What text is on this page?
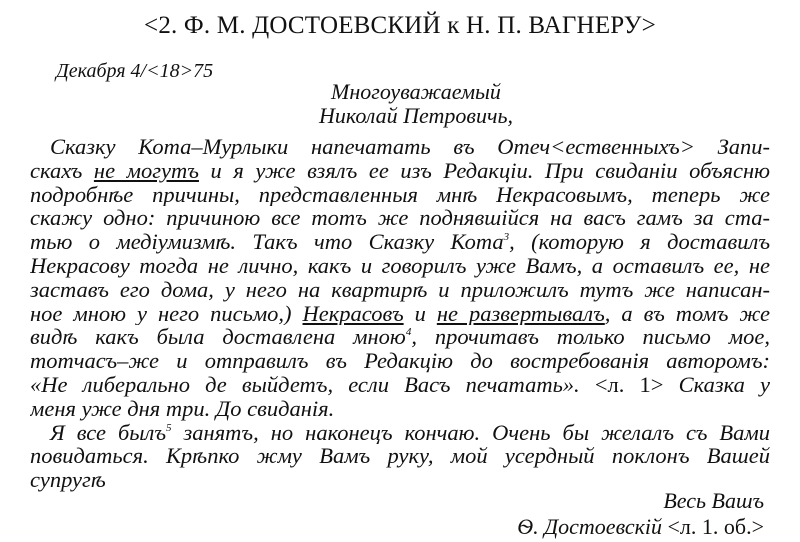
<2. Ф. М. ДОСТОЕВСКИЙ к Н. П. ВАГНЕРУ>
Декабря 4/<18>75
Многоуважаемый
Николай Петровичь,
Сказку Кота–Мурлыки напечатать въ Отеч<ественныхъ> Запи-
скахъ не могутъ и я уже взялъ ее изъ Редакціи. При свиданіи объясню
подробнѣе причины, представленныя мнѣ Некрасовымъ, теперь же
скажу одно: причиною все тотъ же поднявшійся на васъ гамъ за ста-
тью о медіумизмѣ. Такъ что Сказку Кота$^3$, (которую я доставилъ
Некрасову тогда не лично, какъ и говорилъ уже Вамъ, а оставилъ ее, не
заставъ его дома, у него на квартирѣ и приложилъ тутъ же написан-
ное мною у него письмо,) Некрасовъ и не развертывалъ, а въ томъ же
видѣ какъ была доставлена мною$^4$, прочитавъ только письмо мое,
тотчасъ–же и отправилъ въ Редакцію до востребованія авторомъ:
«Не либерально де выйдетъ, если Васъ печатать». <л. 1> Сказка у
меня уже дня три. До свиданія.
Я все былъ$^5$ занятъ, но наконецъ кончаю. Очень бы желалъ съ Вами
повидаться. Крѣпко жму Вамъ руку, мой усердный поклонъ Вашей
супругѣ
Весь Вашъ
Ѳ. Достоевскій <л. 1. об.>
